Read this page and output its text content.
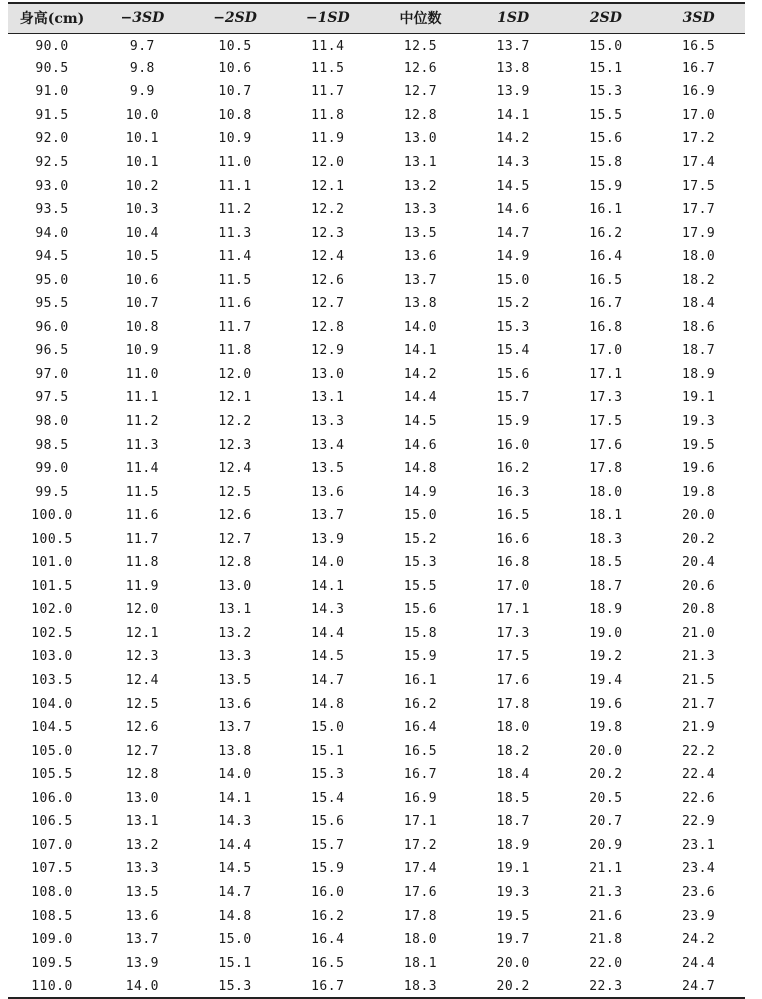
身高(cm)	−3SD	−2SD	−1SD	中位数	1SD	2SD	3SD
90.0	9.7	10.5	11.4	12.5	13.7	15.0	16.5
90.5	9.8	10.6	11.5	12.6	13.8	15.1	16.7
91.0	9.9	10.7	11.7	12.7	13.9	15.3	16.9
91.5	10.0	10.8	11.8	12.8	14.1	15.5	17.0
92.0	10.1	10.9	11.9	13.0	14.2	15.6	17.2
92.5	10.1	11.0	12.0	13.1	14.3	15.8	17.4
93.0	10.2	11.1	12.1	13.2	14.5	15.9	17.5
93.5	10.3	11.2	12.2	13.3	14.6	16.1	17.7
94.0	10.4	11.3	12.3	13.5	14.7	16.2	17.9
94.5	10.5	11.4	12.4	13.6	14.9	16.4	18.0
95.0	10.6	11.5	12.6	13.7	15.0	16.5	18.2
95.5	10.7	11.6	12.7	13.8	15.2	16.7	18.4
96.0	10.8	11.7	12.8	14.0	15.3	16.8	18.6
96.5	10.9	11.8	12.9	14.1	15.4	17.0	18.7
97.0	11.0	12.0	13.0	14.2	15.6	17.1	18.9
97.5	11.1	12.1	13.1	14.4	15.7	17.3	19.1
98.0	11.2	12.2	13.3	14.5	15.9	17.5	19.3
98.5	11.3	12.3	13.4	14.6	16.0	17.6	19.5
99.0	11.4	12.4	13.5	14.8	16.2	17.8	19.6
99.5	11.5	12.5	13.6	14.9	16.3	18.0	19.8
100.0	11.6	12.6	13.7	15.0	16.5	18.1	20.0
100.5	11.7	12.7	13.9	15.2	16.6	18.3	20.2
101.0	11.8	12.8	14.0	15.3	16.8	18.5	20.4
101.5	11.9	13.0	14.1	15.5	17.0	18.7	20.6
102.0	12.0	13.1	14.3	15.6	17.1	18.9	20.8
102.5	12.1	13.2	14.4	15.8	17.3	19.0	21.0
103.0	12.3	13.3	14.5	15.9	17.5	19.2	21.3
103.5	12.4	13.5	14.7	16.1	17.6	19.4	21.5
104.0	12.5	13.6	14.8	16.2	17.8	19.6	21.7
104.5	12.6	13.7	15.0	16.4	18.0	19.8	21.9
105.0	12.7	13.8	15.1	16.5	18.2	20.0	22.2
105.5	12.8	14.0	15.3	16.7	18.4	20.2	22.4
106.0	13.0	14.1	15.4	16.9	18.5	20.5	22.6
106.5	13.1	14.3	15.6	17.1	18.7	20.7	22.9
107.0	13.2	14.4	15.7	17.2	18.9	20.9	23.1
107.5	13.3	14.5	15.9	17.4	19.1	21.1	23.4
108.0	13.5	14.7	16.0	17.6	19.3	21.3	23.6
108.5	13.6	14.8	16.2	17.8	19.5	21.6	23.9
109.0	13.7	15.0	16.4	18.0	19.7	21.8	24.2
109.5	13.9	15.1	16.5	18.1	20.0	22.0	24.4
110.0	14.0	15.3	16.7	18.3	20.2	22.3	24.7
